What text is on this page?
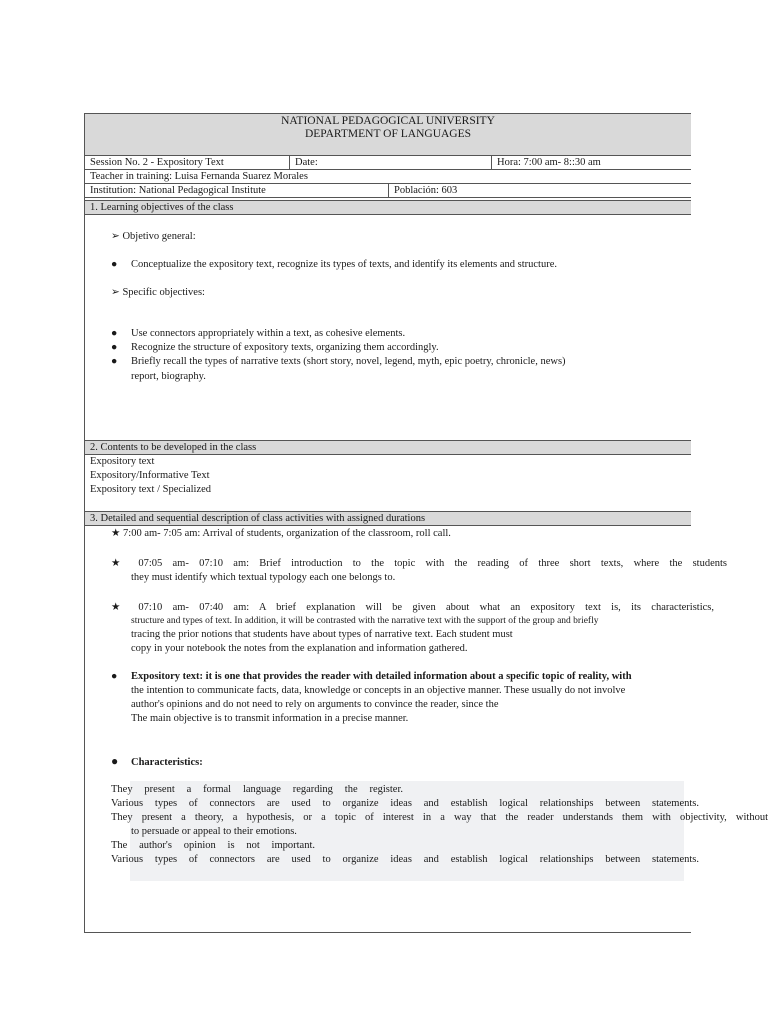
NATIONAL PEDAGOGICAL UNIVERSITY
DEPARTMENT OF LANGUAGES
Session No. 2 - Expository Text	Date:	Hora: 7:00 am- 8::30 am
Teacher in training: Luisa Fernanda Suarez Morales
Institution: National Pedagogical Institute	Población: 603
1. Learning objectives of the class
2. Contents to be developed in the class
3. Detailed and sequential description of class activities with assigned durations
➢ Objetivo general:
● Conceptualize the expository text, recognize its types of texts, and identify its elements and structure.
➢ Specific objectives:
● Use connectors appropriately within a text, as cohesive elements.
● Recognize the structure of expository texts, organizing them accordingly.
● Briefly recall the types of narrative texts (short story, novel, legend, myth, epic poetry, chronicle, news)
report, biography.
Expository text
Expository/Informative Text
Expository text / Specialized
★ 7:00 am- 7:05 am: Arrival of students, organization of the classroom, roll call.
★ 07:05 am- 07:10 am: Brief introduction to the topic with the reading of three short texts, where the students
they must identify which textual typology each one belongs to.
★ 07:10 am- 07:40 am: A brief explanation will be given about what an expository text is, its characteristics,
structure and types of text. In addition, it will be contrasted with the narrative text with the support of the group and briefly
tracing the prior notions that students have about types of narrative text. Each student must
copy in your notebook the notes from the explanation and information gathered.
● Expository text: it is one that provides the reader with detailed information about a specific topic of reality, with
the intention to communicate facts, data, knowledge or concepts in an objective manner. These usually do not involve
author's opinions and do not need to rely on arguments to convince the reader, since the
The main objective is to transmit information in a precise manner.
● Characteristics:
They present a formal language regarding the register.
Various types of connectors are used to organize ideas and establish logical relationships between statements.
They present a theory, a hypothesis, or a topic of interest in a way that the reader understands them with objectivity, without
to persuade or appeal to their emotions.
The author's opinion is not important.
Various types of connectors are used to organize ideas and establish logical relationships between statements.
